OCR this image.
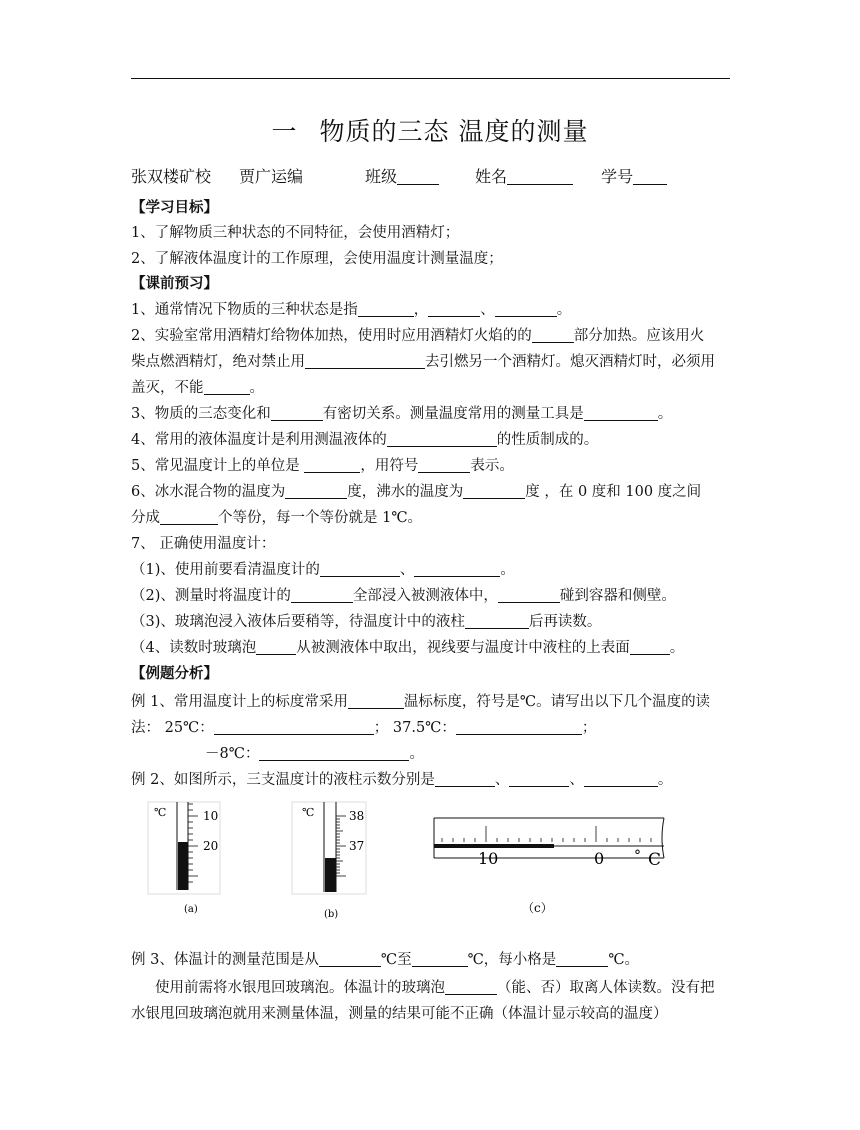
一 物质的三态 温度的测量
张双楼矿校 贾广运编	班级	姓名	学号
【学习目标】
1、了解物质三种状态的不同特征，会使用酒精灯；
2、了解液体温度计的工作原理，会使用温度计测量温度；
【课前预习】
1、通常情况下物质的三种状态是指	，	、	。
2、实验室常用酒精灯给物体加热，使用时应用酒精灯火焰的的	部分加热。应该用火
柴点燃酒精灯，绝对禁止用	去引燃另一个酒精灯。熄灭酒精灯时，必须用
盖灭，不能	。
3、物质的三态变化和	有密切关系。测量温度常用的测量工具是	。
4、常用的液体温度计是利用测温液体的	的性质制成的。
5、常见温度计上的单位是	，用符号	表示。
6、冰水混合物的温度为	度，沸水的温度为	度 ，在 0 度和 100 度之间
分成	个等份，每一个等份就是 1℃。
7、 正确使用温度计：
（1)、使用前要看清温度计的	、	。
（2)、测量时将温度计的	全部浸入被测液体中，	碰到容器和侧壁。
（3)、玻璃泡浸入液体后要稍等，待温度计中的液柱	后再读数。
（4、读数时玻璃泡	从被测液体中取出，视线要与温度计中液柱的上表面	。
【例题分析】
例 1、常用温度计上的标度常采用	温标标度，符号是℃。请写出以下几个温度的读
法： 25℃：	； 37.5℃：	；
－8℃：	。
例 2、如图所示，三支温度计的液柱示数分别是	、	、	。
℃	10
20
(a)
℃	38
37
(b)
10	0 ° C
（c）
例 3、体温计的测量范围是从	℃至	℃，每小格是	℃。
使用前需将水银甩回玻璃泡。体温计的玻璃泡	（能、否）取离人体读数。没有把
水银甩回玻璃泡就用来测量体温，测量的结果可能不正确（体温计显示较高的温度）
